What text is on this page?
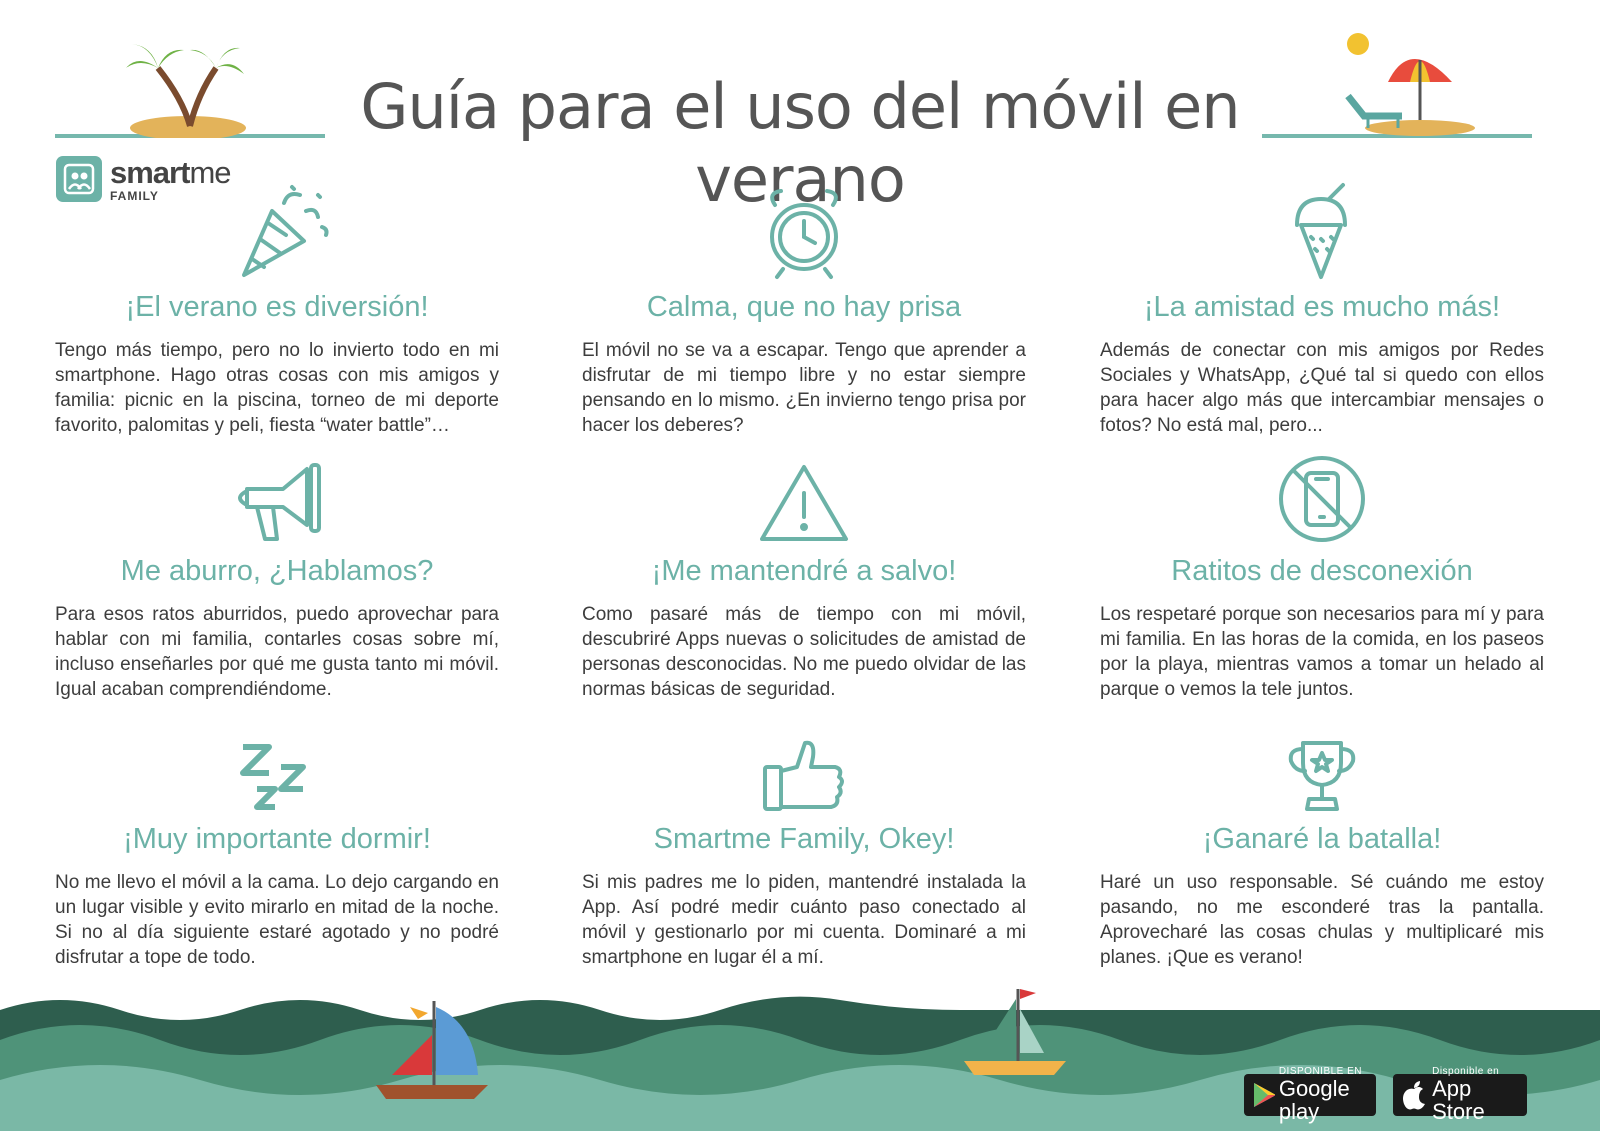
Guía para el uso del móvil en verano
smartme
FAMILY
¡El verano es diversión!

Tengo más tiempo, pero no lo invierto todo en mi smartphone. Hago otras cosas con mis amigos y familia: picnic en la piscina, torneo de mi deporte favorito, palomitas y peli, fiesta “water battle”…

Calma, que no hay prisa

El móvil no se va a escapar. Tengo que aprender a disfrutar de mi tiempo libre y no estar siempre pensando en lo mismo. ¿En invierno tengo prisa por hacer los deberes?

¡La amistad es mucho más!

Además de conectar con mis amigos por Redes Sociales y WhatsApp, ¿Qué tal si quedo con ellos para hacer algo más que intercambiar mensajes o fotos? No está mal, pero...

Me aburro, ¿Hablamos?

Para esos ratos aburridos, puedo aprovechar para hablar con mi familia, contarles cosas sobre mí, incluso enseñarles por qué me gusta tanto mi móvil. Igual acaban comprendiéndome.

¡Me mantendré a salvo!

Como pasaré más de tiempo con mi móvil, descubriré Apps nuevas o solicitudes de amistad de personas desconocidas. No me puedo olvidar de las normas básicas de seguridad.

Ratitos de desconexión

Los respetaré porque son necesarios para mí y para mi familia. En las horas de la comida, en los paseos por la playa, mientras vamos a tomar un helado al parque o vemos la tele juntos.

¡Muy importante dormir!

No me llevo el móvil a la cama. Lo dejo cargando en un lugar visible y evito mirarlo en mitad de la noche. Si no al día siguiente estaré agotado y no podré disfrutar a tope de todo.

Smartme Family, Okey!

Si mis padres me lo piden, mantendré instalada la App. Así podré medir cuánto paso conectado al móvil y gestionarlo por mi cuenta. Dominaré a mi smartphone en lugar él a mí.

¡Ganaré la batalla!

Haré un uso responsable. Sé cuándo me estoy pasando, no me esconderé tras la pantalla. Aprovecharé las cosas chulas y multiplicaré mis planes. ¡Que es verano!

DISPONIBLE EN
Google play
Disponible en
App Store
